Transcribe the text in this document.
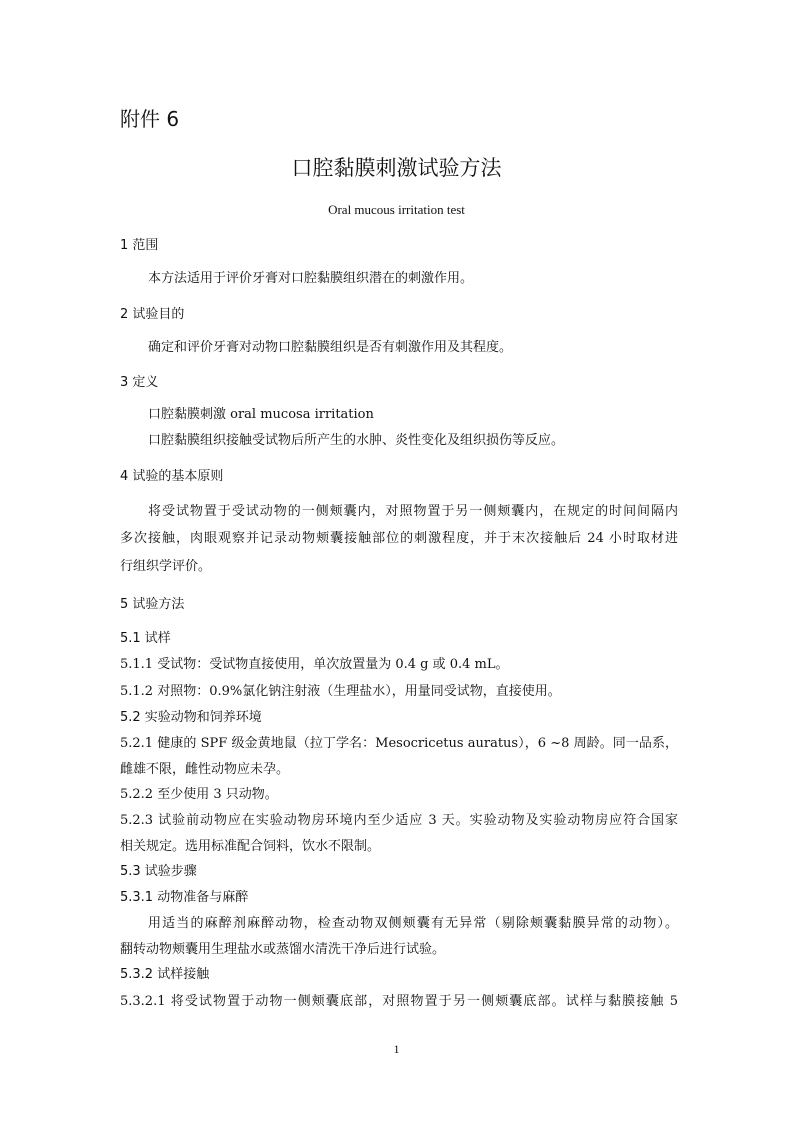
附件 6
口腔黏膜刺激试验方法
Oral mucous irritation test
1 范围
本方法适用于评价牙膏对口腔黏膜组织潜在的刺激作用。
2 试验目的
确定和评价牙膏对动物口腔黏膜组织是否有刺激作用及其程度。
3 定义
口腔黏膜刺激 oral mucosa irritation
口腔黏膜组织接触受试物后所产生的水肿、炎性变化及组织损伤等反应。
4 试验的基本原则
将受试物置于受试动物的一侧颊囊内，对照物置于另一侧颊囊内，在规定的时间间隔内
多次接触，肉眼观察并记录动物颊囊接触部位的刺激程度，并于末次接触后 24 小时取材进
行组织学评价。
5 试验方法
5.1 试样
5.1.1 受试物：受试物直接使用，单次放置量为 0.4 g 或 0.4 mL。
5.1.2 对照物：0.9%氯化钠注射液（生理盐水），用量同受试物，直接使用。
5.2 实验动物和饲养环境
5.2.1 健康的 SPF 级金黄地鼠（拉丁学名：Mesocricetus auratus），6 ~8 周龄。同一品系，
雌雄不限，雌性动物应未孕。
5.2.2 至少使用 3 只动物。
5.2.3 试验前动物应在实验动物房环境内至少适应 3 天。实验动物及实验动物房应符合国家
相关规定。选用标准配合饲料，饮水不限制。
5.3 试验步骤
5.3.1 动物准备与麻醉
用适当的麻醉剂麻醉动物，检查动物双侧颊囊有无异常（剔除颊囊黏膜异常的动物）。
翻转动物颊囊用生理盐水或蒸馏水清洗干净后进行试验。
5.3.2 试样接触
5.3.2.1 将受试物置于动物一侧颊囊底部，对照物置于另一侧颊囊底部。试样与黏膜接触 5
1
